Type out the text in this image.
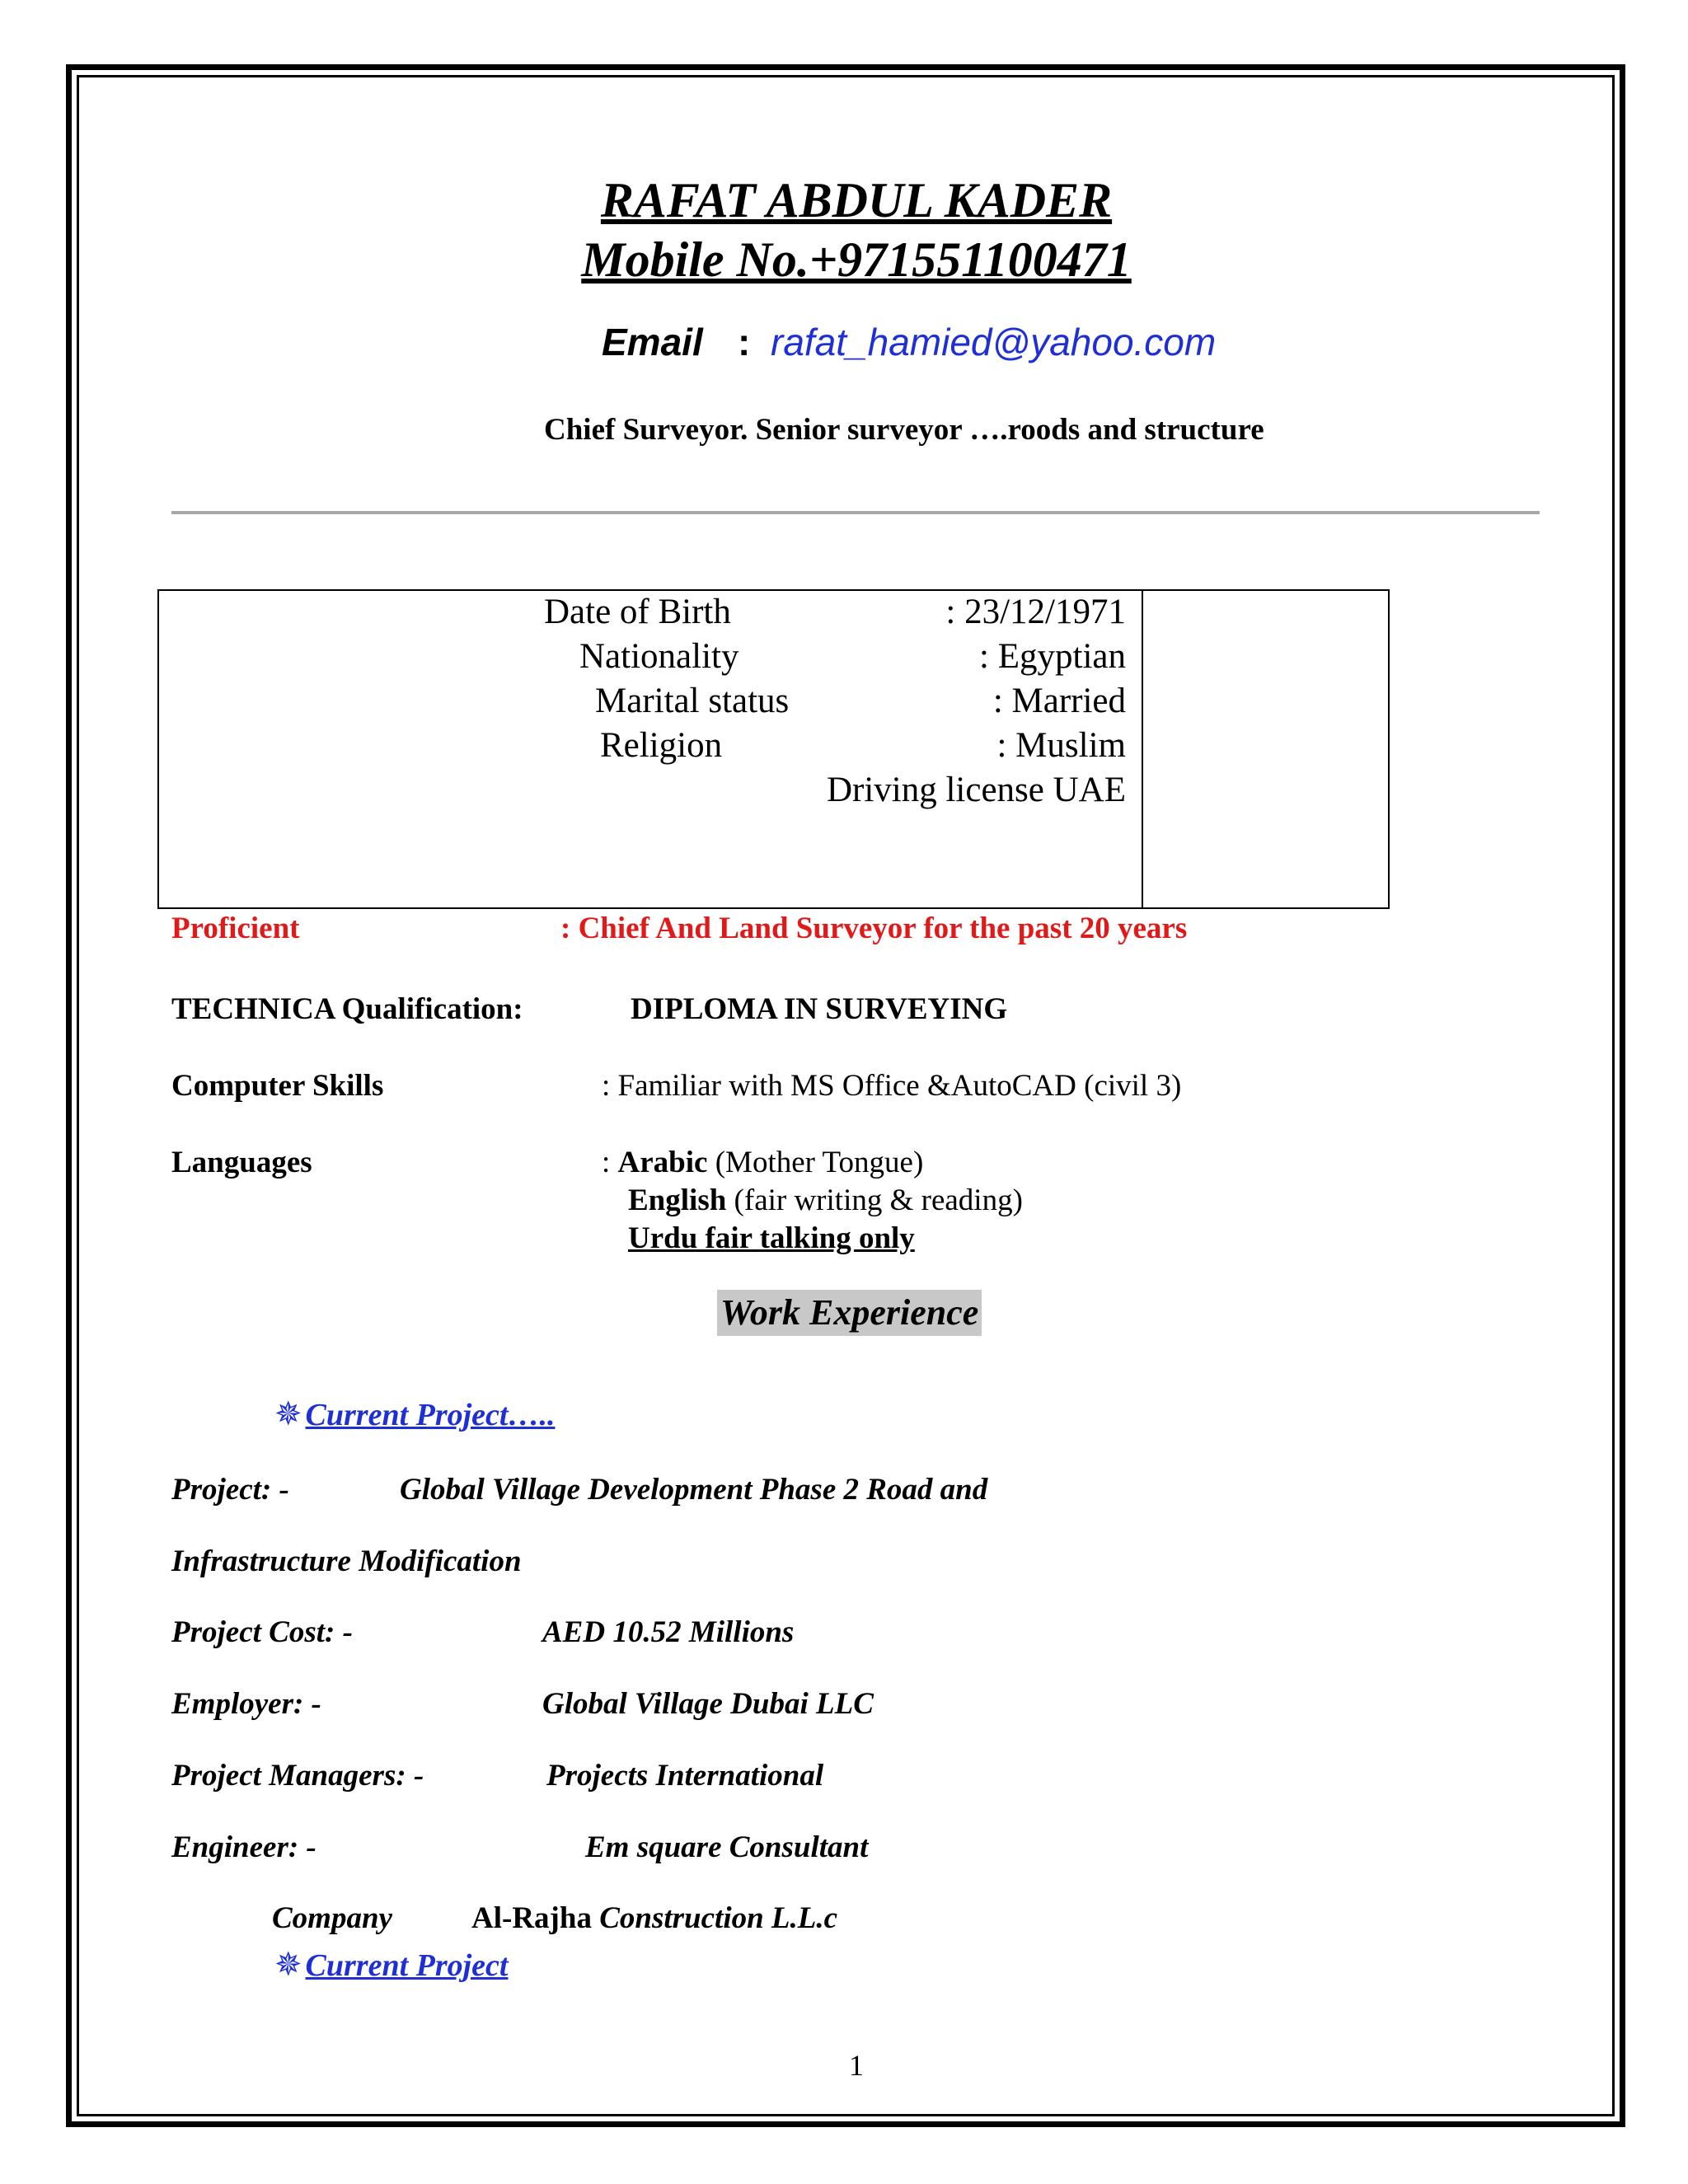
RAFAT ABDUL KADER
Mobile No.+971551100471
Email : rafat_hamied@yahoo.com
Chief Surveyor. Senior surveyor ….roods and structure
Date of Birth	: 23/12/1971
Nationality	: Egyptian
Marital status	: Married
Religion	: Muslim
Driving license UAE
Proficient	: Chief And Land Surveyor for the past 20 years
TECHNICA Qualification:	DIPLOMA IN SURVEYING
Computer Skills	: Familiar with MS Office &AutoCAD (civil 3)
Languages	: Arabic (Mother Tongue)
English (fair writing & reading)
Urdu fair talking only
Work Experience
✵ Current Project…..
Project: -	Global Village Development Phase 2 Road and
Infrastructure Modification
Project Cost: -	AED 10.52 Millions
Employer: -	Global Village Dubai LLC
Project Managers: -	Projects International
Engineer: -	Em square Consultant
Company	Al-Rajha Construction L.L.c
✵ Current Project
1
